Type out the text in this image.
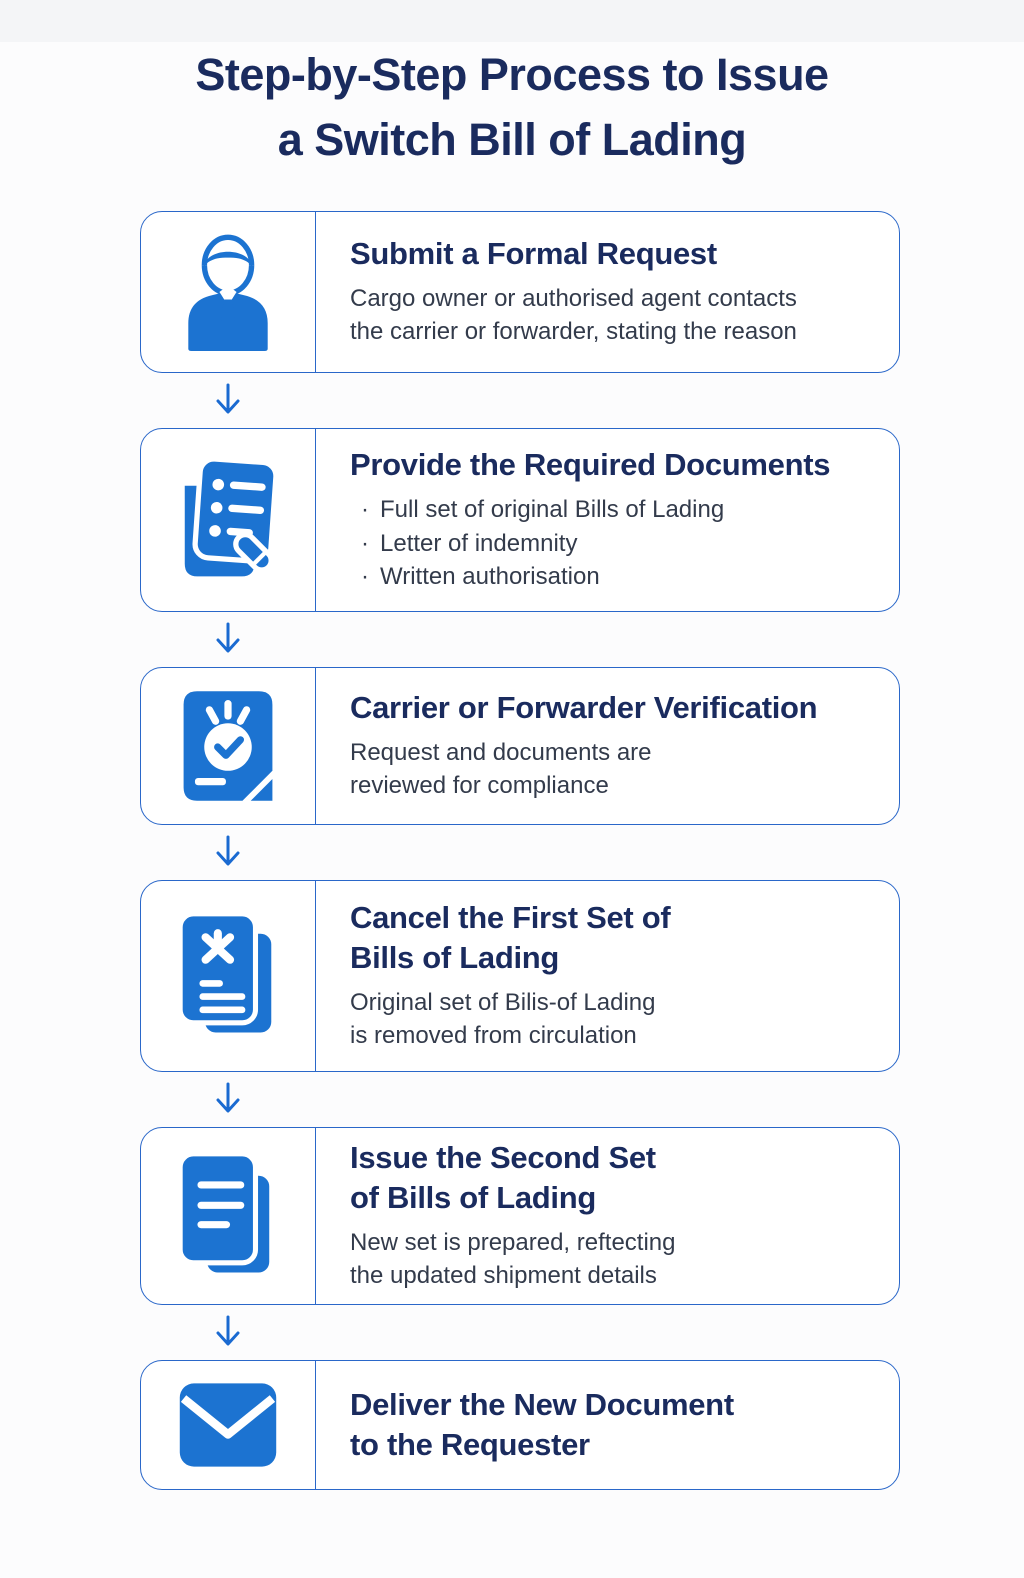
Step-by-Step Process to Issue
a Switch Bill of Lading
Submit a Formal Request
Cargo owner or authorised agent contacts
the carrier or forwarder, stating the reason
Provide the Required Documents
· Full set of original Bills of Lading
· Letter of indemnity
· Written authorisation
Carrier or Forwarder Verification
Request and documents are
reviewed for compliance
Cancel the First Set of
Bills of Lading
Original set of Bilis-of Lading
is removed from circulation
Issue the Second Set
of Bills of Lading
New set is prepared, reftecting
the updated shipment details
Deliver the New Document
to the Requester
